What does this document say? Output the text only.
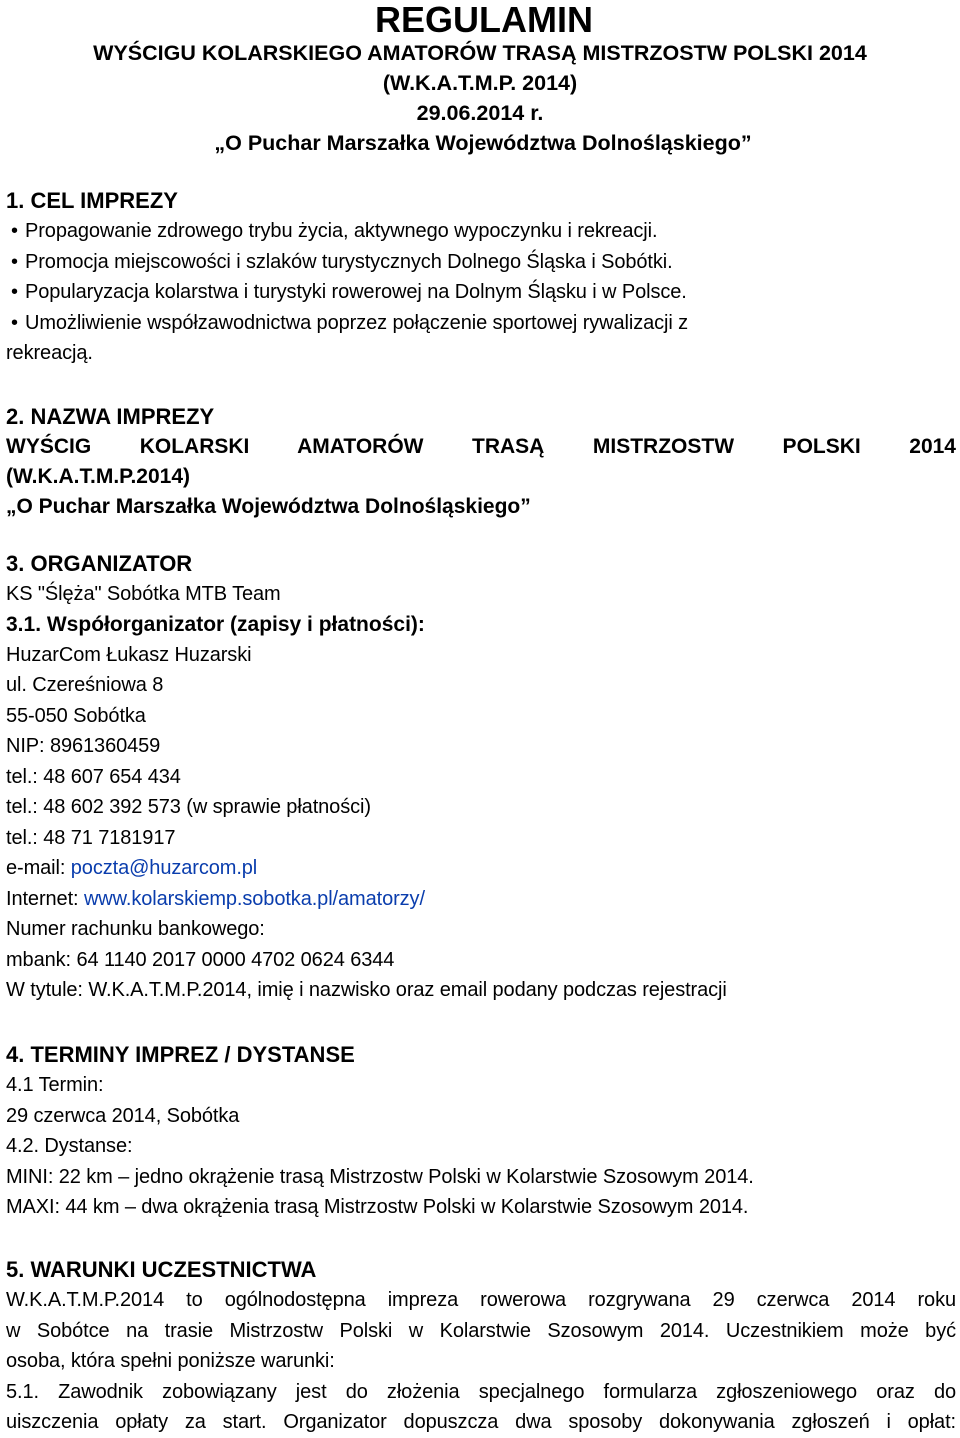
REGULAMIN
WYŚCIGU KOLARSKIEGO AMATORÓW TRASĄ MISTRZOSTW POLSKI 2014
(W.K.A.T.M.P. 2014)
29.06.2014 r.
„O Puchar Marszałka Województwa Dolnośląskiego”
1. CEL IMPREZY
• Propagowanie zdrowego trybu życia, aktywnego wypoczynku i rekreacji.
• Promocja miejscowości i szlaków turystycznych Dolnego Śląska i Sobótki.
• Popularyzacja kolarstwa i turystyki rowerowej na Dolnym Śląsku i w Polsce.
• Umożliwienie współzawodnictwa poprzez połączenie sportowej rywalizacji z
rekreacją.
2. NAZWA IMPREZY
WYŚCIG KOLARSKI AMATORÓW TRASĄ MISTRZOSTW POLSKI 2014
(W.K.A.T.M.P.2014)
„O Puchar Marszałka Województwa Dolnośląskiego”
3. ORGANIZATOR
KS "Ślęża" Sobótka MTB Team
3.1. Współorganizator (zapisy i płatności):
HuzarCom Łukasz Huzarski
ul. Czereśniowa 8
55-050 Sobótka
NIP: 8961360459
tel.: 48 607 654 434
tel.: 48 602 392 573 (w sprawie płatności)
tel.: 48 71 7181917
e-mail: poczta@huzarcom.pl
Internet: www.kolarskiemp.sobotka.pl/amatorzy/
Numer rachunku bankowego:
mbank: 64 1140 2017 0000 4702 0624 6344
W tytule: W.K.A.T.M.P.2014, imię i nazwisko oraz email podany podczas rejestracji
4. TERMINY IMPREZ / DYSTANSE
4.1 Termin:
29 czerwca 2014, Sobótka
4.2. Dystanse:
MINI: 22 km – jedno okrążenie trasą Mistrzostw Polski w Kolarstwie Szosowym 2014.
MAXI: 44 km – dwa okrążenia trasą Mistrzostw Polski w Kolarstwie Szosowym 2014.
5. WARUNKI UCZESTNICTWA
W.K.A.T.M.P.2014 to ogólnodostępna impreza rowerowa rozgrywana 29 czerwca 2014 roku
w Sobótce na trasie Mistrzostw Polski w Kolarstwie Szosowym 2014. Uczestnikiem może być
osoba, która spełni poniższe warunki:
5.1. Zawodnik zobowiązany jest do złożenia specjalnego formularza zgłoszeniowego oraz do
uiszczenia opłaty za start. Organizator dopuszcza dwa sposoby dokonywania zgłoszeń i opłat:
